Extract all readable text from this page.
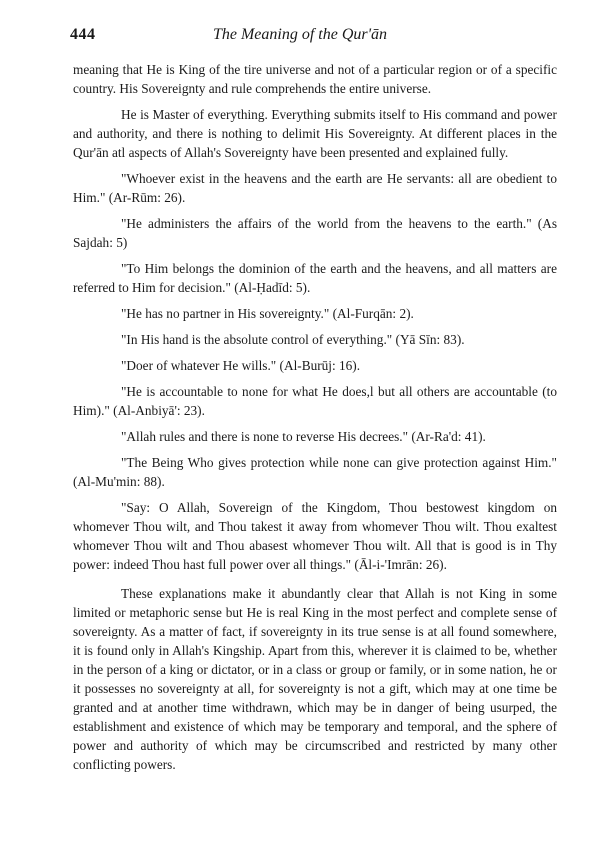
444	The Meaning of the Qur'ān

meaning that He is King of the tire universe and not of a particular region or of a specific country. His Sovereignty and rule comprehends the entire universe.

He is Master of everything. Everything submits itself to His command and power and authority, and there is nothing to delimit His Sovereignty. At different places in the Qur'ān atl aspects of Allah's Sovereignty have been presented and explained fully.

"Whoever exist in the heavens and the earth are He servants: all are obedient to Him." (Ar-Rūm: 26).

"He administers the affairs of the world from the heavens to the earth." (As Sajdah: 5)

"To Him belongs the dominion of the earth and the heavens, and all matters are referred to Him for decision." (Al-Ḥadīd: 5).

"He has no partner in His sovereignty." (Al-Furqān: 2).

"In His hand is the absolute control of everything." (Yā Sīn: 83).

"Doer of whatever He wills." (Al-Burūj: 16).

"He is accountable to none for what He does,l but all others are accountable (to Him)." (Al-Anbiyā': 23).

"Allah rules and there is none to reverse His decrees." (Ar-Ra'd: 41).

"The Being Who gives protection while none can give protection against Him." (Al-Mu'min: 88).

"Say: O Allah, Sovereign of the Kingdom, Thou bestowest kingdom on whomever Thou wilt, and Thou takest it away from whomever Thou wilt. Thou exaltest whomever Thou wilt and Thou abasest whomever Thou wilt. All that is good is in Thy power: indeed Thou hast full power over all things." (Āl-i-'Imrān: 26).

These explanations make it abundantly clear that Allah is not King in some limited or metaphoric sense but He is real King in the most perfect and complete sense of sovereignty. As a matter of fact, if sovereignty in its true sense is at all found somewhere, it is found only in Allah's Kingship. Apart from this, wherever it is claimed to be, whether in the person of a king or dictator, or in a class or group or family, or in some nation, he or it possesses no sovereignty at all, for sovereignty is not a gift, which may at one time be granted and at another time withdrawn, which may be in danger of being usurped, the establishment and existence of which may be temporary and temporal, and the sphere of power and authority of which may be circumscribed and restricted by many other conflicting powers.
